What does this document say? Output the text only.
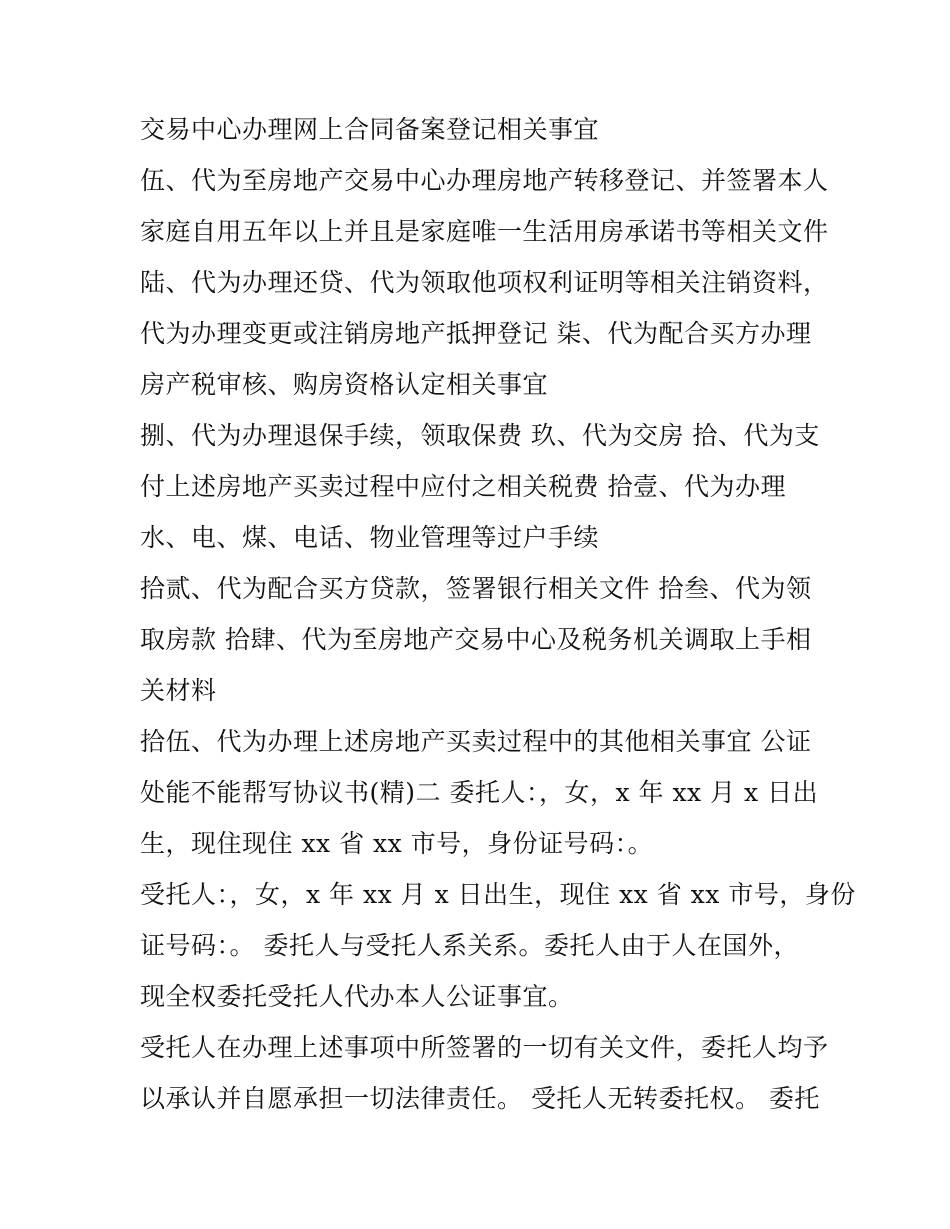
交易中心办理网上合同备案登记相关事宜
伍、代为至房地产交易中心办理房地产转移登记、并签署本人
家庭自用五年以上并且是家庭唯一生活用房承诺书等相关文件
陆、代为办理还贷、代为领取他项权利证明等相关注销资料，
代为办理变更或注销房地产抵押登记 柒、代为配合买方办理
房产税审核、购房资格认定相关事宜
捌、代为办理退保手续，领取保费 玖、代为交房 拾、代为支
付上述房地产买卖过程中应付之相关税费 拾壹、代为办理
水、电、煤、电话、物业管理等过户手续
拾贰、代为配合买方贷款，签署银行相关文件 拾叁、代为领
取房款 拾肆、代为至房地产交易中心及税务机关调取上手相
关材料
拾伍、代为办理上述房地产买卖过程中的其他相关事宜 公证
处能不能帮写协议书(精)二 委托人：，女，x 年 xx 月 x 日出
生，现住现住 xx 省 xx 市号，身份证号码：。
受托人：，女，x 年 xx 月 x 日出生，现住 xx 省 xx 市号，身份
证号码：。 委托人与受托人系关系。委托人由于人在国外，
现全权委托受托人代办本人公证事宜。
受托人在办理上述事项中所签署的一切有关文件，委托人均予
以承认并自愿承担一切法律责任。 受托人无转委托权。 委托
